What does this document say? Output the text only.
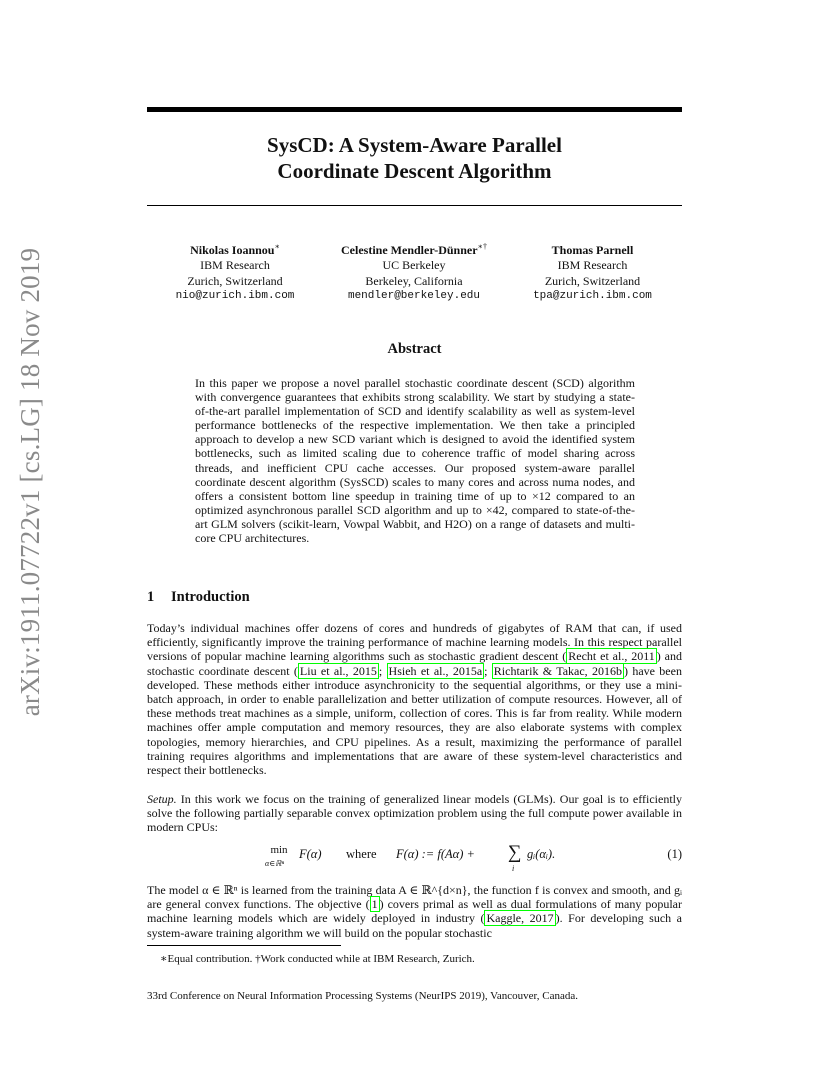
arXiv:1911.07722v1 [cs.LG] 18 Nov 2019
SysCD: A System-Aware Parallel
Coordinate Descent Algorithm
Nikolas Ioannou∗
IBM Research
Zurich, Switzerland
nio@zurich.ibm.com
Celestine Mendler-Dünner∗†
UC Berkeley
Berkeley, California
mendler@berkeley.edu
Thomas Parnell
IBM Research
Zurich, Switzerland
tpa@zurich.ibm.com
Abstract
In this paper we propose a novel parallel stochastic coordinate descent (SCD) algorithm with convergence guarantees that exhibits strong scalability. We start by studying a state-of-the-art parallel implementation of SCD and identify scalability as well as system-level performance bottlenecks of the respective implementation. We then take a principled approach to develop a new SCD variant which is designed to avoid the identified system bottlenecks, such as limited scaling due to coherence traffic of model sharing across threads, and inefficient CPU cache accesses. Our proposed system-aware parallel coordinate descent algorithm (SysSCD) scales to many cores and across numa nodes, and offers a consistent bottom line speedup in training time of up to ×12 compared to an optimized asynchronous parallel SCD algorithm and up to ×42, compared to state-of-the-art GLM solvers (scikit-learn, Vowpal Wabbit, and H2O) on a range of datasets and multi-core CPU architectures.
1 Introduction
Today’s individual machines offer dozens of cores and hundreds of gigabytes of RAM that can, if used efficiently, significantly improve the training performance of machine learning models. In this respect parallel versions of popular machine learning algorithms such as stochastic gradient descent ( Recht et al., 2011 ) and stochastic coordinate descent ( Liu et al., 2015 ; Hsieh et al., 2015a ; Richtarik & Takac, 2016b ) have been developed. These methods either introduce asynchronicity to the sequential algorithms, or they use a mini-batch approach, in order to enable parallelization and better utilization of compute resources. However, all of these methods treat machines as a simple, uniform, collection of cores. This is far from reality. While modern machines offer ample computation and memory resources, they are also elaborate systems with complex topologies, memory hierarchies, and CPU pipelines. As a result, maximizing the performance of parallel training requires algorithms and implementations that are aware of these system-level characteristics and respect their bottlenecks.
Setup. In this work we focus on the training of generalized linear models (GLMs). Our goal is to efficiently solve the following partially separable convex optimization problem using the full compute power available in modern CPUs:
min
α∈ℝⁿ
F(α) where F(α) := f(Aα) + ∑
i
gᵢ(αᵢ).	(1)
The model α ∈ ℝⁿ is learned from the training data A ∈ ℝ^{d×n}, the function f is convex and smooth, and gᵢ are general convex functions. The objective ( 1 ) covers primal as well as dual formulations of many popular machine learning models which are widely deployed in industry ( Kaggle, 2017 ). For developing such a system-aware training algorithm we will build on the popular stochastic
∗Equal contribution. †Work conducted while at IBM Research, Zurich.
33rd Conference on Neural Information Processing Systems (NeurIPS 2019), Vancouver, Canada.
